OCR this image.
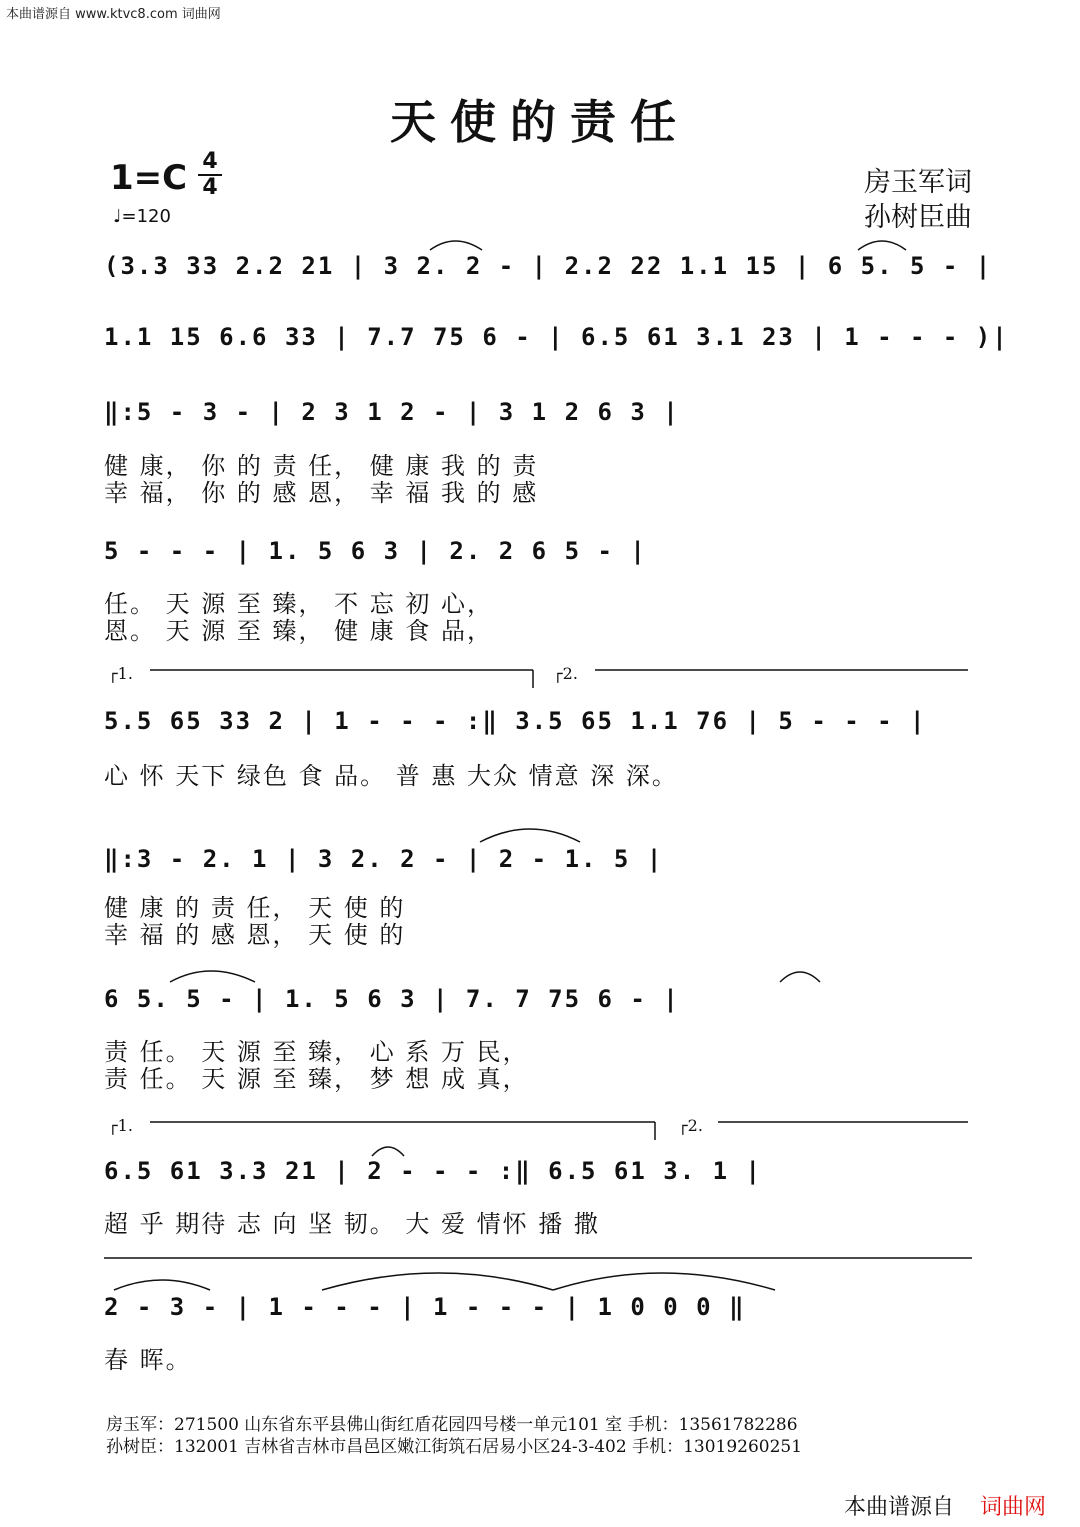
本曲谱源自 www.ktvc8.com 词曲网
天使的责任
1=C 4
4
♩=120
房玉军词
孙树臣曲
(3.3 33 2.2 21 | 3 2. 2 - | 2.2 22 1.1 15 | 6 5. 5 - |
1.1 15 6.6 33 | 7.7 75 6 - | 6.5 61 3.1 23 | 1 - - - )|
‖:5 - 3 - | 2 3 1 2 - | 3 1 2 6 3 |
健 康， 你 的 责 任， 健 康 我 的 责
幸 福， 你 的 感 恩， 幸 福 我 的 感
5 - - - | 1. 5 6 3 | 2. 2 6 5 - |
任。 天 源 至 臻， 不 忘 初 心，
恩。 天 源 至 臻， 健 康 食 品，
┌1.	┌2.
5.5 65 33 2 | 1 - - - :‖ 3.5 65 1.1 76 | 5 - - - |
心 怀 天下 绿色 食 品。 普 惠 大众 情意 深 深。
‖:3 - 2. 1 | 3 2. 2 - | 2 - 1. 5 |
健 康 的 责 任， 天 使 的
幸 福 的 感 恩， 天 使 的
6 5. 5 - | 1. 5 6 3 | 7. 7 75 6 - |
责 任。 天 源 至 臻， 心 系 万 民，
责 任。 天 源 至 臻， 梦 想 成 真，
┌1.	┌2.
6.5 61 3.3 21 | 2 - - - :‖ 6.5 61 3. 1 |
超 乎 期待 志 向 坚 韧。 大 爱 情怀 播 撒
2 - 3 - | 1 - - - | 1 - - - | 1 0 0 0 ‖
春 晖。
房玉军：271500 山东省东平县佛山街红盾花园四号楼一单元101 室 手机：13561782286
孙树臣：132001 吉林省吉林市昌邑区嫩江街筑石居易小区24-3-402 手机：13019260251
本曲谱源自 词曲网
